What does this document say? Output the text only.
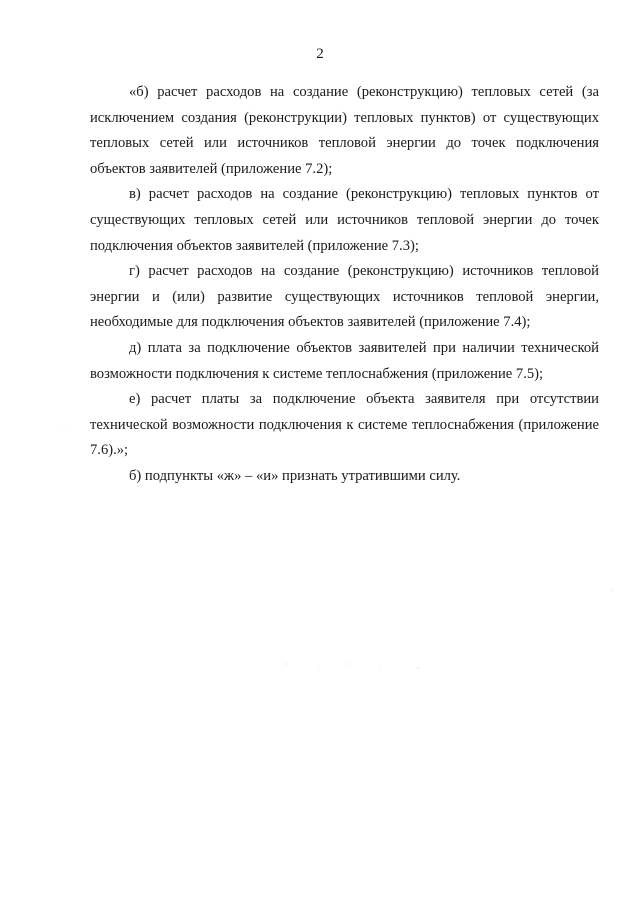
2

«б) расчет расходов на создание (реконструкцию) тепловых сетей (за исключением создания (реконструкции) тепловых пунктов) от существующих тепловых сетей или источников тепловой энергии до точек подключения объектов заявителей (приложение 7.2);

в) расчет расходов на создание (реконструкцию) тепловых пунктов от существующих тепловых сетей или источников тепловой энергии до точек подключения объектов заявителей (приложение 7.3);

г) расчет расходов на создание (реконструкцию) источников тепловой энергии и (или) развитие существующих источников тепловой энергии, необходимые для подключения объектов заявителей (приложение 7.4);

д) плата за подключение объектов заявителей при наличии технической возможности подключения к системе теплоснабжения (приложение 7.5);

е) расчет платы за подключение объекта заявителя при отсутствии технической возможности подключения к системе теплоснабжения (приложение 7.6).»;

б) подпункты «ж» – «и» признать утратившими силу.
